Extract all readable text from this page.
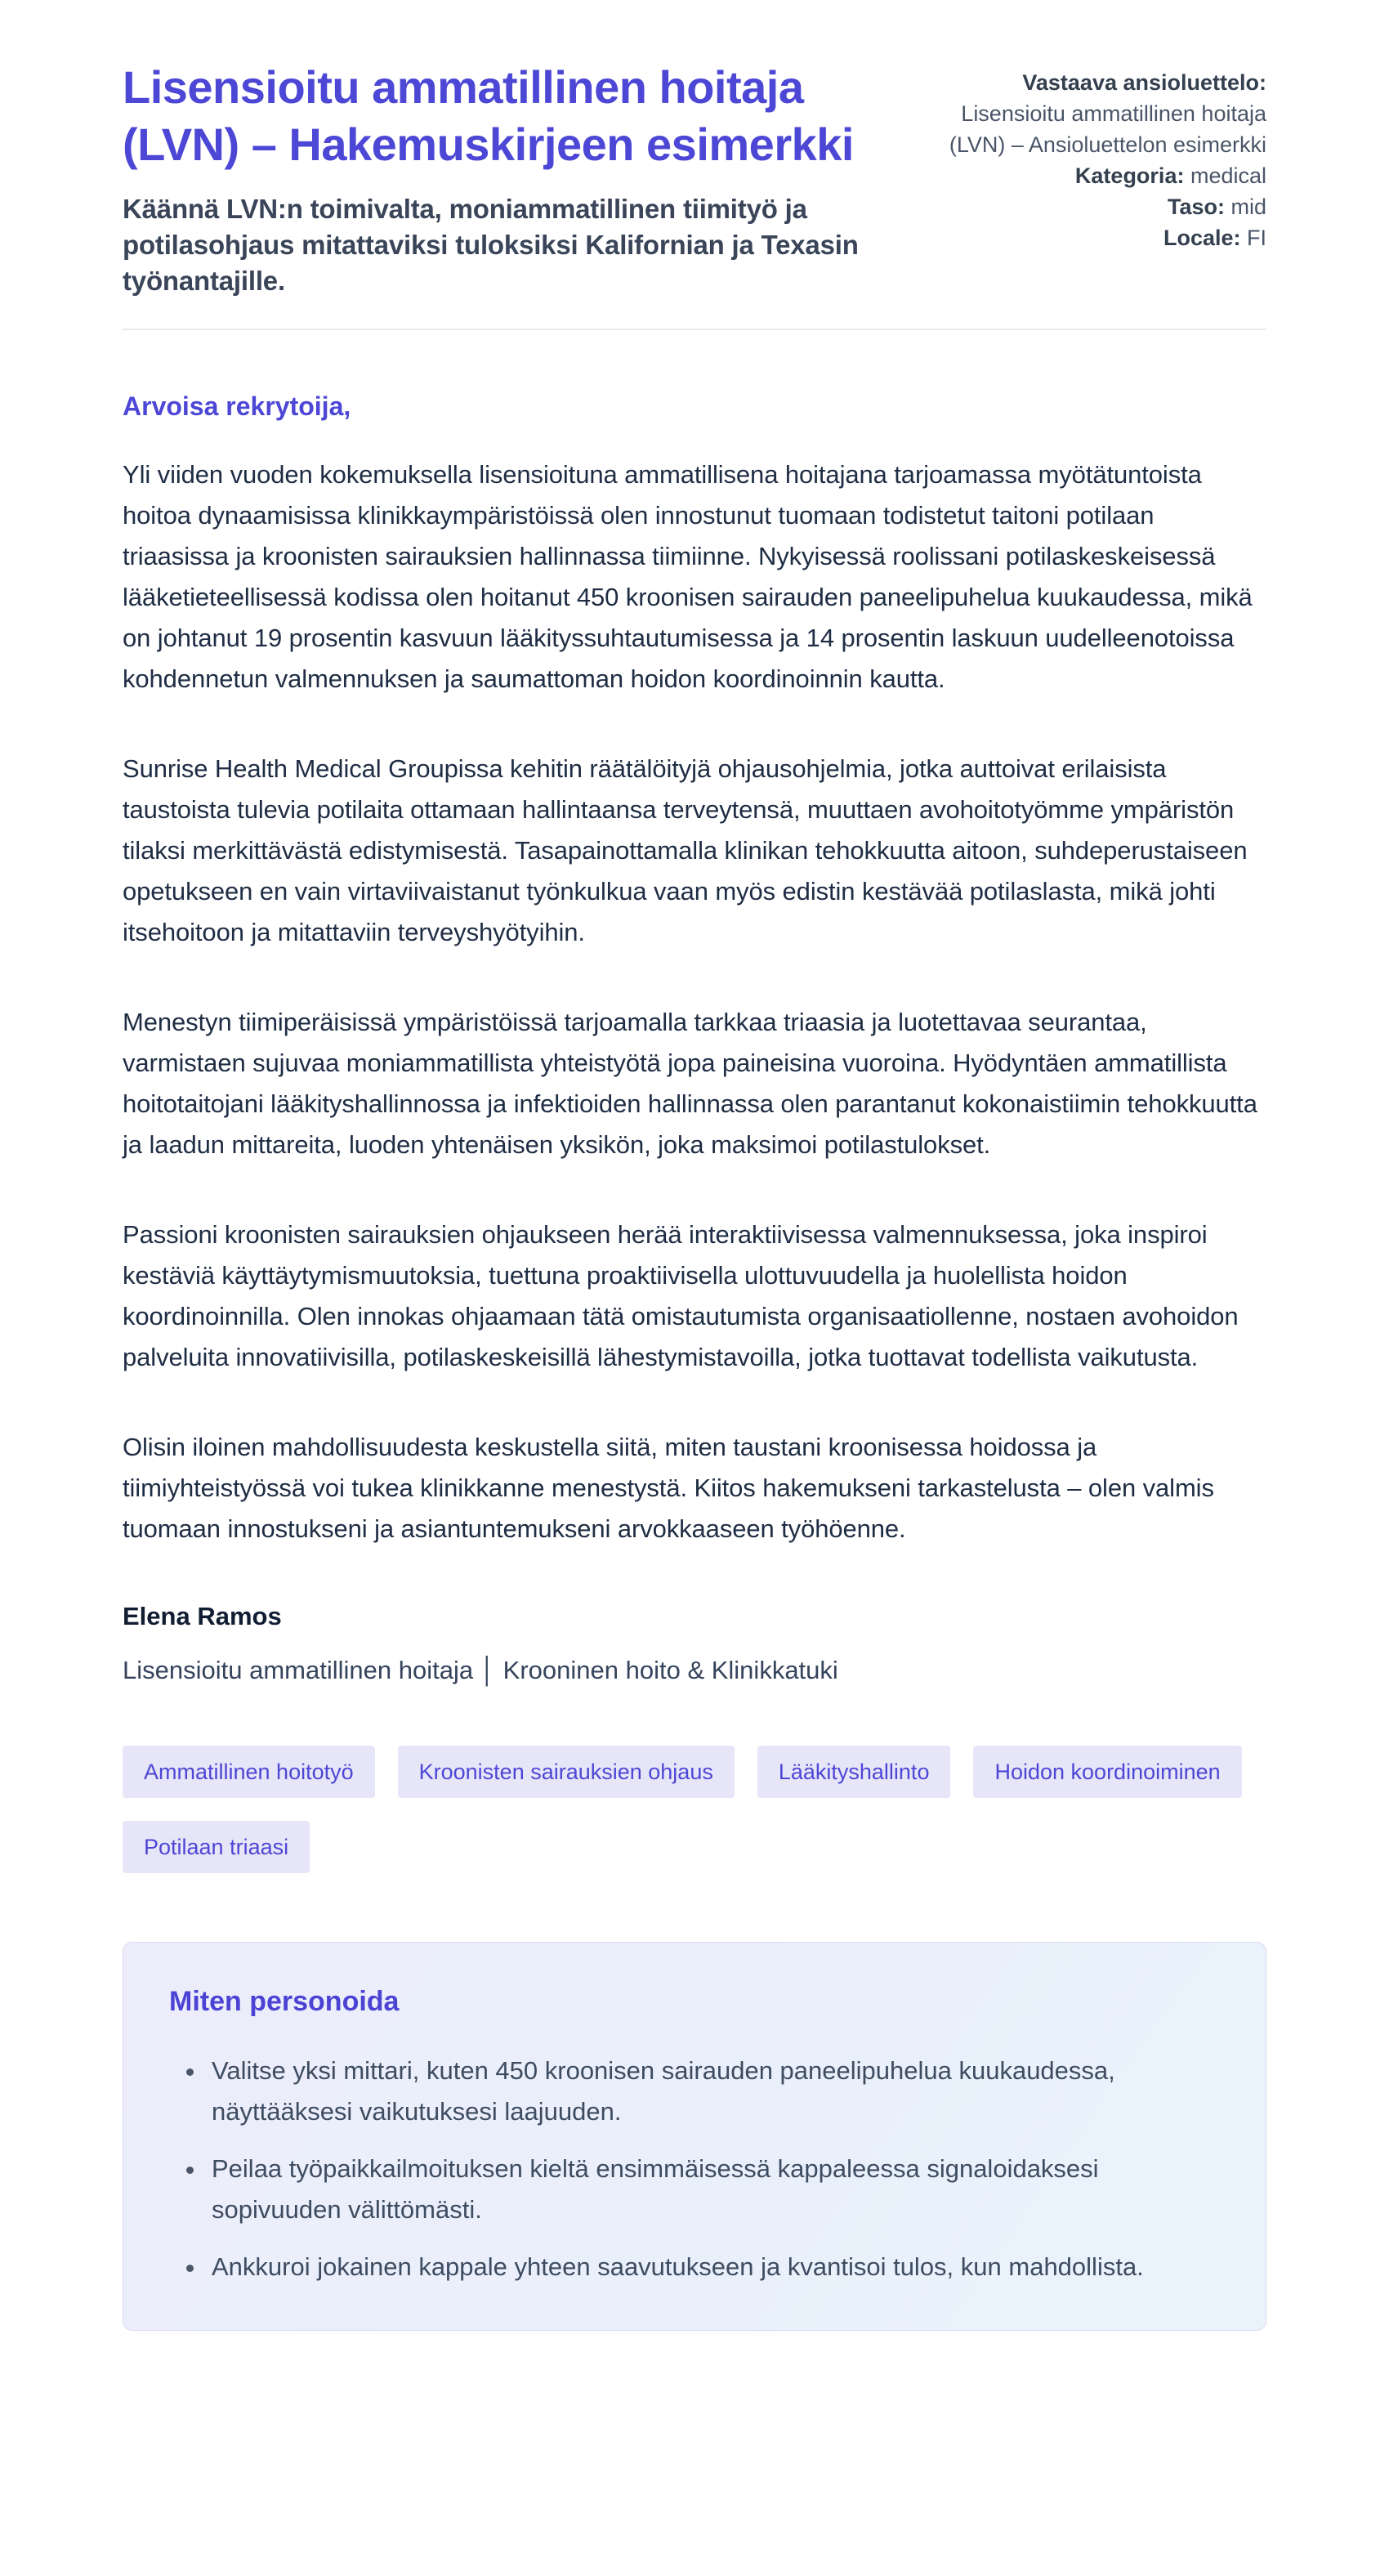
Lisensioitu ammatillinen hoitaja (LVN) – Hakemuskirjeen esimerkki

Käännä LVN:n toimivalta, moniammatillinen tiimityö ja potilasohjaus mitattaviksi tuloksiksi Kalifornian ja Texasin työnantajille.

Vastaava ansioluettelo: Lisensioitu ammatillinen hoitaja (LVN) – Ansioluettelon esimerkki

Kategoria: medical

Taso: mid

Locale: FI

Arvoisa rekrytoija,

Yli viiden vuoden kokemuksella lisensioituna ammatillisena hoitajana tarjoamassa myötätuntoista hoitoa dynaamisissa klinikkaympäristöissä olen innostunut tuomaan todistetut taitoni potilaan triaasissa ja kroonisten sairauksien hallinnassa tiimiinne. Nykyisessä roolissani potilaskeskeisessä lääketieteellisessä kodissa olen hoitanut 450 kroonisen sairauden paneelipuhelua kuukaudessa, mikä on johtanut 19 prosentin kasvuun lääkityssuhtautumisessa ja 14 prosentin laskuun uudelleenotoissa kohdennetun valmennuksen ja saumattoman hoidon koordinoinnin kautta.

Sunrise Health Medical Groupissa kehitin räätälöityjä ohjausohjelmia, jotka auttoivat erilaisista taustoista tulevia potilaita ottamaan hallintaansa terveytensä, muuttaen avohoitotyömme ympäristön tilaksi merkittävästä edistymisestä. Tasapainottamalla klinikan tehokkuutta aitoon, suhdeperustaiseen opetukseen en vain virtaviivaistanut työnkulkua vaan myös edistin kestävää potilaslasta, mikä johti itsehoitoon ja mitattaviin terveyshyötyihin.

Menestyn tiimiperäisissä ympäristöissä tarjoamalla tarkkaa triaasia ja luotettavaa seurantaa, varmistaen sujuvaa moniammatillista yhteistyötä jopa paineisina vuoroina. Hyödyntäen ammatillista hoitotaitojani lääkityshallinnossa ja infektioiden hallinnassa olen parantanut kokonaistiimin tehokkuutta ja laadun mittareita, luoden yhtenäisen yksikön, joka maksimoi potilastulokset.

Passioni kroonisten sairauksien ohjaukseen herää interaktiivisessa valmennuksessa, joka inspiroi kestäviä käyttäytymismuutoksia, tuettuna proaktiivisella ulottuvuudella ja huolellista hoidon koordinoinnilla. Olen innokas ohjaamaan tätä omistautumista organisaatiollenne, nostaen avohoidon palveluita innovatiivisilla, potilaskeskeisillä lähestymistavoilla, jotka tuottavat todellista vaikutusta.

Olisin iloinen mahdollisuudesta keskustella siitä, miten taustani kroonisessa hoidossa ja tiimiyhteistyössä voi tukea klinikkanne menestystä. Kiitos hakemukseni tarkastelusta – olen valmis tuomaan innostukseni ja asiantuntemukseni arvokkaaseen työhöenne.

Elena Ramos

Lisensioitu ammatillinen hoitaja │ Krooninen hoito & Klinikkatuki

Ammatillinen hoitotyö	Kroonisten sairauksien ohjaus	Lääkityshallinto	Hoidon koordinoiminen
Potilaan triaasi
Miten personoida
• Valitse yksi mittari, kuten 450 kroonisen sairauden paneelipuhelua kuukaudessa, näyttääksesi vaikutuksesi laajuuden.
• Peilaa työpaikkailmoituksen kieltä ensimmäisessä kappaleessa signaloidaksesi sopivuuden välittömästi.
• Ankkuroi jokainen kappale yhteen saavutukseen ja kvantisoi tulos, kun mahdollista.
